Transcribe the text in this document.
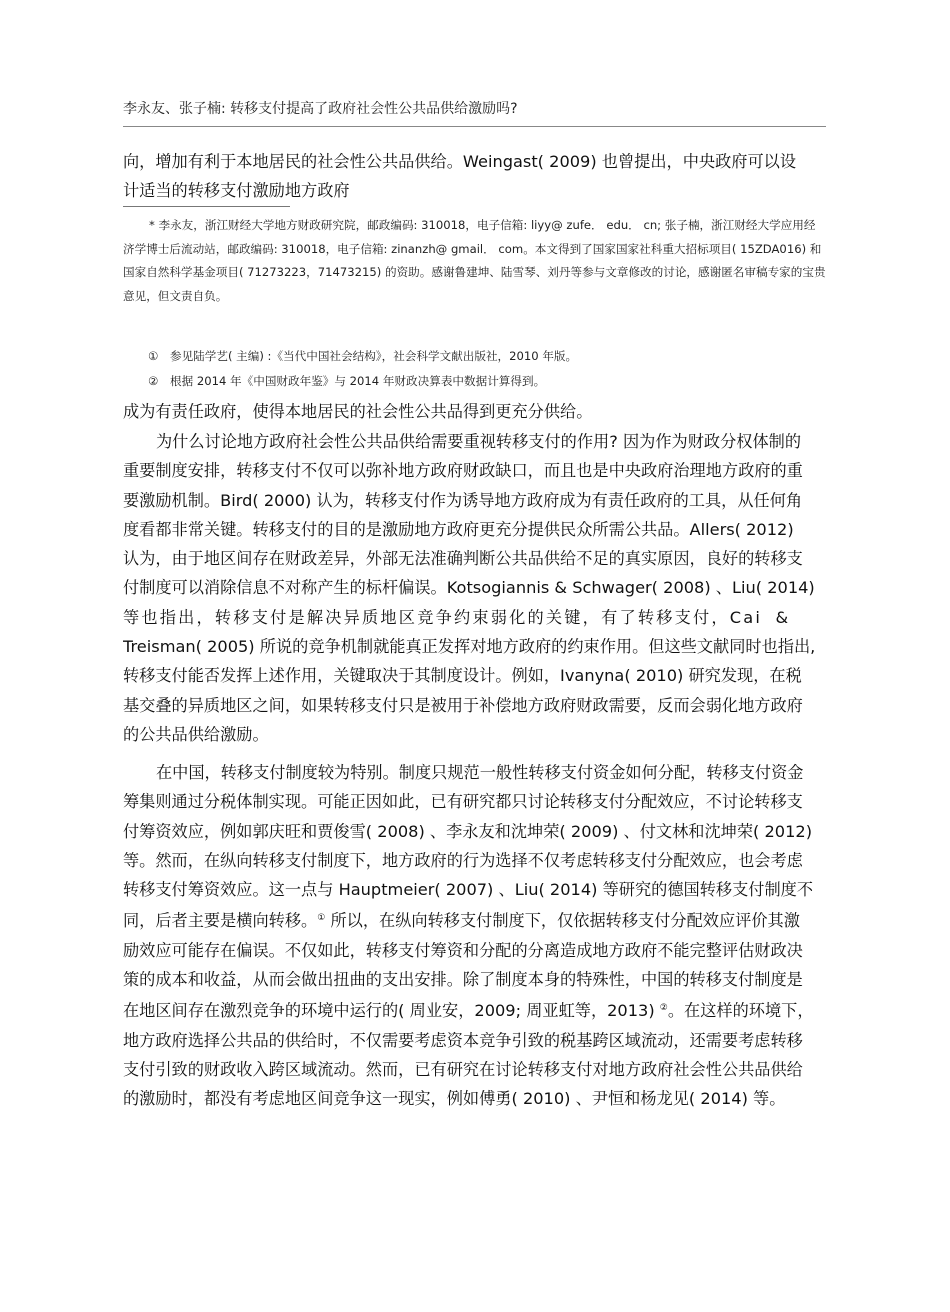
李永友、张子楠: 转移支付提高了政府社会性公共品供给激励吗?
向，增加有利于本地居民的社会性公共品供给。Weingast( 2009) 也曾提出，中央政府可以设
计适当的转移支付激励地方政府

* 李永友，浙江财经大学地方财政研究院，邮政编码: 310018，电子信箱: liyy@ zufe． edu． cn; 张子楠，浙江财经大学应用经济学博士后流动站，邮政编码: 310018，电子信箱: zinanzh@ gmail． com。本文得到了国家国家社科重大招标项目( 15ZDA016) 和国家自然科学基金项目( 71273223，71473215) 的资助。感谢鲁建坤、陆雪琴、刘丹等参与文章修改的讨论，感谢匿名审稿专家的宝贵意见，但文责自负。

①　参见陆学艺( 主编) :《当代中国社会结构》，社会科学文献出版社，2010 年版。
②　根据 2014 年《中国财政年鉴》与 2014 年财政决算表中数据计算得到。
成为有责任政府，使得本地居民的社会性公共品得到更充分供给。
为什么讨论地方政府社会性公共品供给需要重视转移支付的作用? 因为作为财政分权体制的
重要制度安排，转移支付不仅可以弥补地方政府财政缺口，而且也是中央政府治理地方政府的重
要激励机制。Bird( 2000) 认为，转移支付作为诱导地方政府成为有责任政府的工具，从任何角
度看都非常关键。转移支付的目的是激励地方政府更充分提供民众所需公共品。Allers( 2012)
认为，由于地区间存在财政差异，外部无法准确判断公共品供给不足的真实原因，良好的转移支
付制度可以消除信息不对称产生的标杆偏误。Kotsogiannis & Schwager( 2008) 、Liu( 2014)
等也指出，转移支付是解决异质地区竞争约束弱化的关键，有了转移支付，Cai &
Treisman( 2005) 所说的竞争机制就能真正发挥对地方政府的约束作用。但这些文献同时也指出,
转移支付能否发挥上述作用，关键取决于其制度设计。例如，Ivanyna( 2010) 研究发现，在税
基交叠的异质地区之间，如果转移支付只是被用于补偿地方政府财政需要，反而会弱化地方政府
的公共品供给激励。
在中国，转移支付制度较为特别。制度只规范一般性转移支付资金如何分配，转移支付资金
筹集则通过分税体制实现。可能正因如此，已有研究都只讨论转移支付分配效应，不讨论转移支
付筹资效应，例如郭庆旺和贾俊雪( 2008) 、李永友和沈坤荣( 2009) 、付文林和沈坤荣( 2012)
等。然而，在纵向转移支付制度下，地方政府的行为选择不仅考虑转移支付分配效应，也会考虑
转移支付筹资效应。这一点与 Hauptmeier( 2007) 、Liu( 2014) 等研究的德国转移支付制度不
同，后者主要是横向转移。① 所以，在纵向转移支付制度下，仅依据转移支付分配效应评价其激
励效应可能存在偏误。不仅如此，转移支付筹资和分配的分离造成地方政府不能完整评估财政决
策的成本和收益，从而会做出扭曲的支出安排。除了制度本身的特殊性，中国的转移支付制度是
在地区间存在激烈竞争的环境中运行的( 周业安，2009; 周亚虹等，2013) ②。在这样的环境下，
地方政府选择公共品的供给时，不仅需要考虑资本竞争引致的税基跨区域流动，还需要考虑转移
支付引致的财政收入跨区域流动。然而，已有研究在讨论转移支付对地方政府社会性公共品供给
的激励时，都没有考虑地区间竞争这一现实，例如傅勇( 2010) 、尹恒和杨龙见( 2014) 等。
